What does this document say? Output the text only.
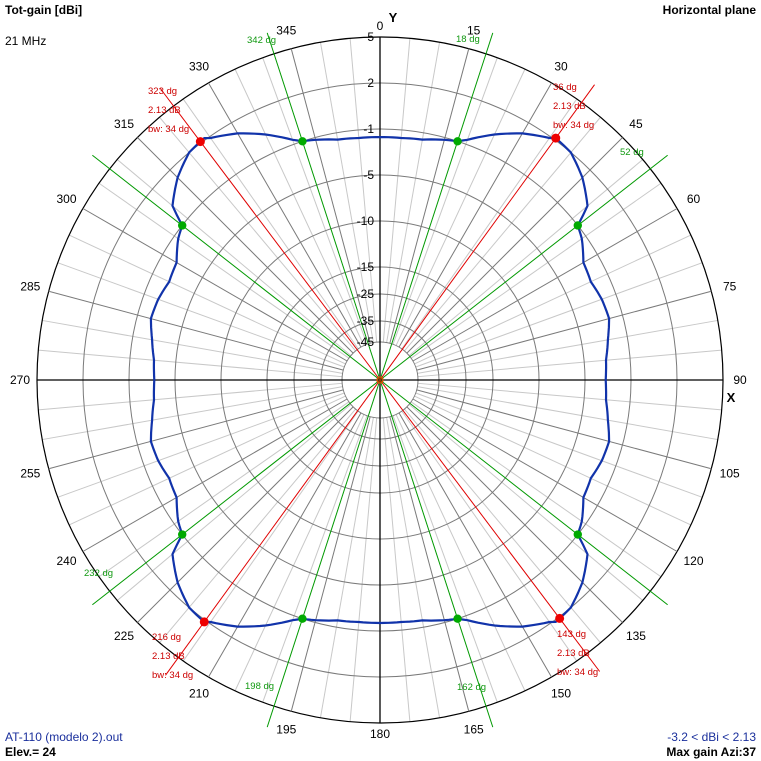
Tot-gain [dBi]
21 MHz
Horizontal plane
0	15
30
45
60
75
90
105
120
135
150
165
180
195
210
225
240
255
270
285
300
315
330
345	5
2
-1
-5
-10
-15
-25
-35
-45
Y
X
36 dg
2.13 dB
bw: 34 dg
143 dg
2.13 dB
bw: 34 dg
216 dg
2.13 dB
bw: 34 dg
323 dg
2.13 dB
bw: 34 dg
18 dg
52 dg
162 dg
198 dg
232 dg
342 dg
AT-110 (modelo 2).out
Elev.= 24
-3.2 < dBi < 2.13
Max gain Azi:37
